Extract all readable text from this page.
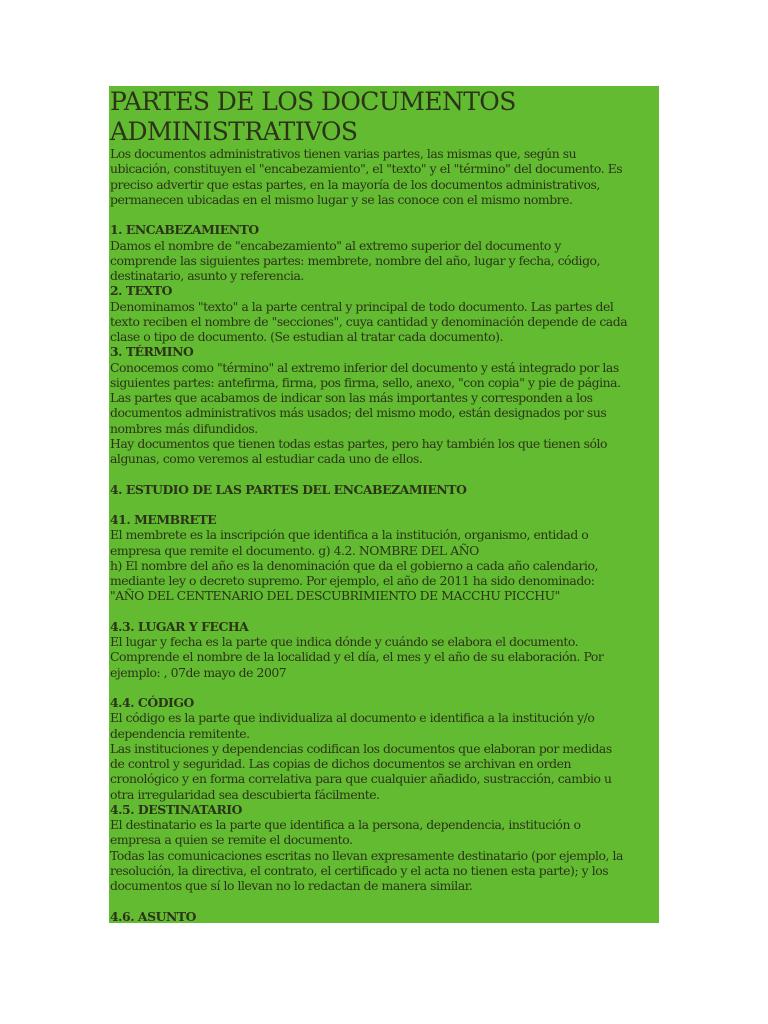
PARTES DE LOS DOCUMENTOS ADMINISTRATIVOS
Los documentos administrativos tienen varias partes, las mismas que, según su
ubicación, constituyen el "encabezamiento", el "texto" y el "término" del documento. Es
preciso advertir que estas partes, en la mayoría de los documentos administrativos,
permanecen ubicadas en el mismo lugar y se las conoce con el mismo nombre.
1. ENCABEZAMIENTO
Damos el nombre de "encabezamiento" al extremo superior del documento y
comprende las siguientes partes: membrete, nombre del año, lugar y fecha, código,
destinatario, asunto y referencia.
2. TEXTO
Denominamos "texto" a la parte central y principal de todo documento. Las partes del
texto reciben el nombre de "secciones", cuya cantidad y denominación depende de cada
clase o tipo de documento. (Se estudian al tratar cada documento).
3. TÉRMINO
Conocemos como "término" al extremo inferior del documento y está integrado por las
siguientes partes: antefirma, firma, pos firma, sello, anexo, "con copia" y pie de página.
Las partes que acabamos de indicar son las más importantes y corresponden a los
documentos administrativos más usados; del mismo modo, están designados por sus
nombres más difundidos.
Hay documentos que tienen todas estas partes, pero hay también los que tienen sólo
algunas, como veremos al estudiar cada uno de ellos.
4. ESTUDIO DE LAS PARTES DEL ENCABEZAMIENTO
41. MEMBRETE
El membrete es la inscripción que identifica a la institución, organismo, entidad o
empresa que remite el documento. g) 4.2. NOMBRE DEL AÑO
h) El nombre del año es la denominación que da el gobierno a cada año calendario,
mediante ley o decreto supremo. Por ejemplo, el año de 2011 ha sido denominado:
"AÑO DEL CENTENARIO DEL DESCUBRIMIENTO DE MACCHU PICCHU"
4.3. LUGAR Y FECHA
El lugar y fecha es la parte que indica dónde y cuándo se elabora el documento.
Comprende el nombre de la localidad y el día, el mes y el año de su elaboración. Por
ejemplo: , 07de mayo de 2007
4.4. CÓDIGO
El código es la parte que individualiza al documento e identifica a la institución y/o
dependencia remitente.
Las instituciones y dependencias codifican los documentos que elaboran por medidas
de control y seguridad. Las copias de dichos documentos se archivan en orden
cronológico y en forma correlativa para que cualquier añadido, sustracción, cambio u
otra irregularidad sea descubierta fácilmente.
4.5. DESTINATARIO
El destinatario es la parte que identifica a la persona, dependencia, institución o
empresa a quien se remite el documento.
Todas las comunicaciones escritas no llevan expresamente destinatario (por ejemplo, la
resolución, la directiva, el contrato, el certificado y el acta no tienen esta parte); y los
documentos que sí lo llevan no lo redactan de manera similar.
4.6. ASUNTO
